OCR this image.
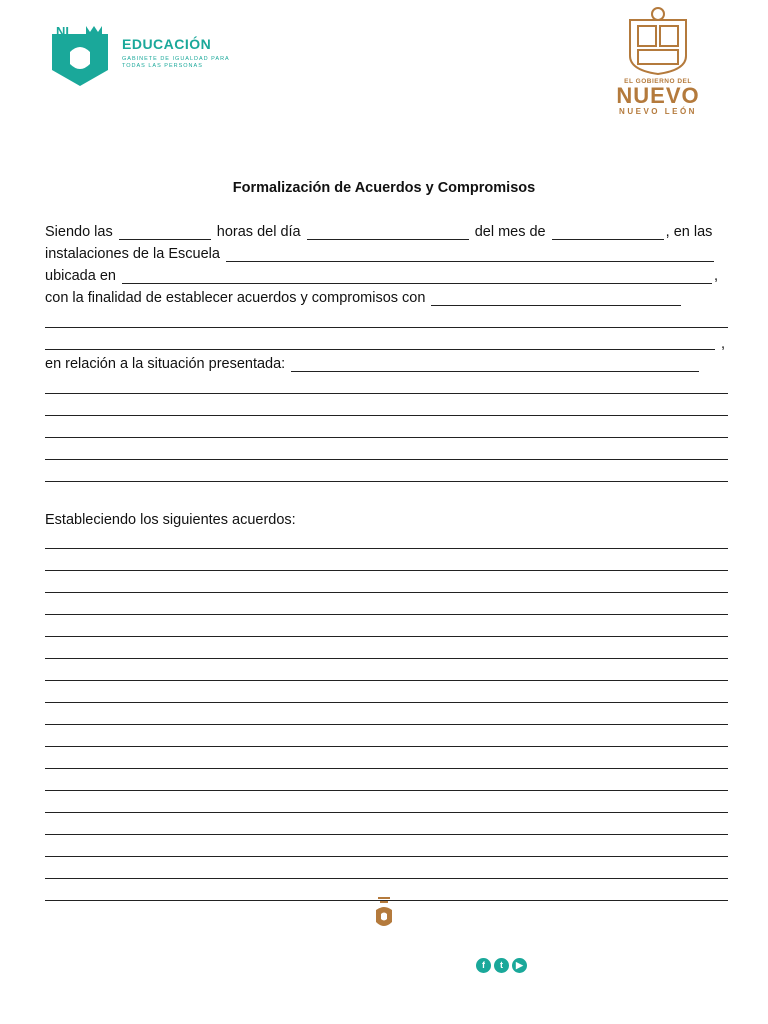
NL
EDUCACIÓN
GABINETE DE IGUALDAD PARA TODAS LAS PERSONAS
EL GOBIERNO DEL
NUEVO
NUEVO LEÓN
Formalización de Acuerdos y Compromisos
Siendo las	horas del día	del mes de	, en las
instalaciones de la Escuela
ubicada en	,
con la finalidad de establecer acuerdos y compromisos con
,
en relación a la situación presentada:
Estableciendo los siguientes acuerdos:
f	t	▶
